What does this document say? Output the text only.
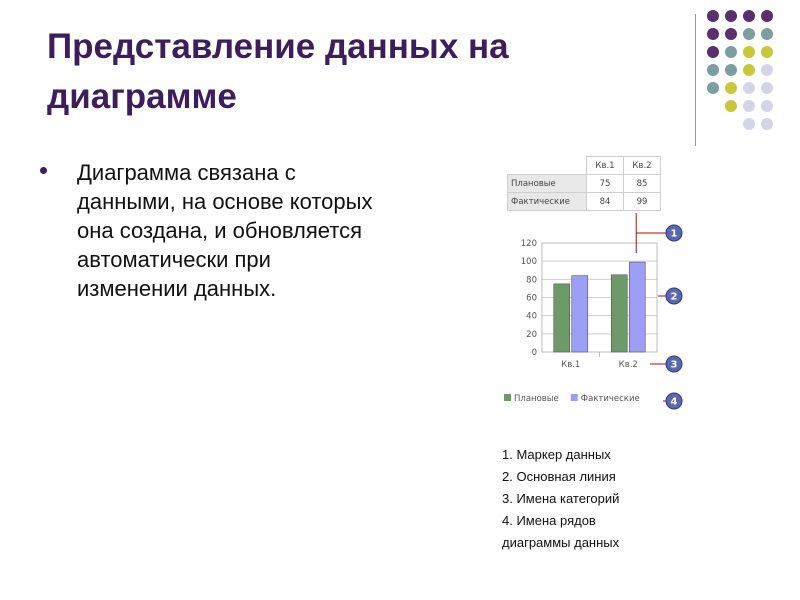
Представление данных на
диаграмме
Диаграмма связана с данными, на основе которых она создана, и обновляется автоматически при изменении данных.
	Кв.1	Кв.2
Плановые	75	85
Фактические	84	99
0
20
40
60
80
100
120
Кв.1	Кв.2
Плановые	Фактические
1
2
3
4
1. Маркер данных
2. Основная линия
3. Имена категорий
4. Имена рядов
диаграммы данных
